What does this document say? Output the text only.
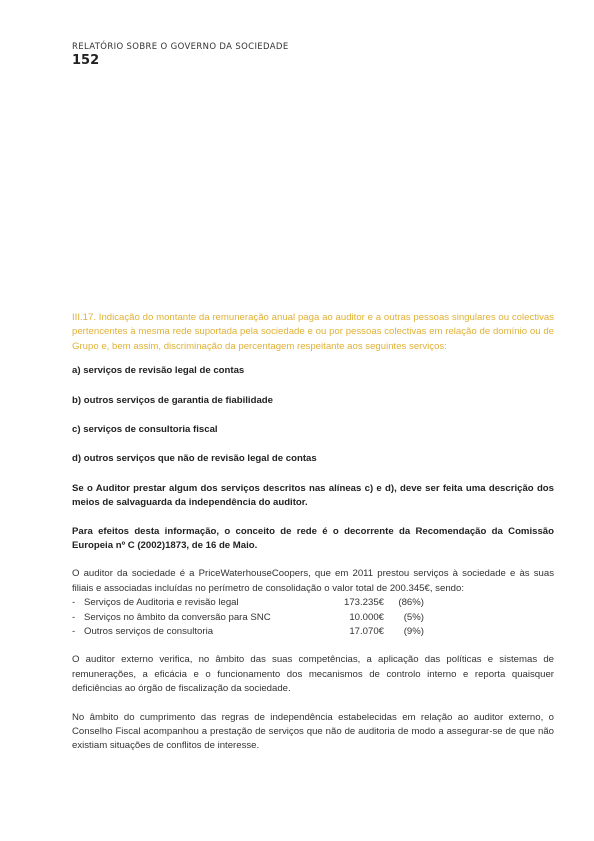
RELATÓRIO SOBRE O GOVERNO DA SOCIEDADE
152

III.17. Indicação do montante da remuneração anual paga ao auditor e a outras pessoas singulares ou colectivas pertencentes à mesma rede suportada pela sociedade e ou por pessoas colectivas em relação de domínio ou de Grupo e, bem assim, discriminação da percentagem respeitante aos seguintes serviços:

a) serviços de revisão legal de contas

b) outros serviços de garantia de fiabilidade

c) serviços de consultoria fiscal

d) outros serviços que não de revisão legal de contas

Se o Auditor prestar algum dos serviços descritos nas alíneas c) e d), deve ser feita uma descrição dos meios de salvaguarda da independência do auditor.

Para efeitos desta informação, o conceito de rede é o decorrente da Recomendação da Comissão Europeia nº C (2002)1873, de 16 de Maio.

O auditor da sociedade é a PriceWaterhouseCoopers, que em 2011 prestou serviços à sociedade e às suas filiais e associadas incluídas no perímetro de consolidação o valor total de 200.345€, sendo:

- Serviços de Auditoria e revisão legal	173.235€	(86%)
- Serviços no âmbito da conversão para SNC	10.000€	(5%)
- Outros serviços de consultoria	17.070€	(9%)

O auditor externo verifica, no âmbito das suas competências, a aplicação das políticas e sistemas de remunerações, a eficácia e o funcionamento dos mecanismos de controlo interno e reporta quaisquer deficiências ao órgão de fiscalização da sociedade.

No âmbito do cumprimento das regras de independência estabelecidas em relação ao auditor externo, o Conselho Fiscal acompanhou a prestação de serviços que não de auditoria de modo a assegurar-se de que não existiam situações de conflitos de interesse.
